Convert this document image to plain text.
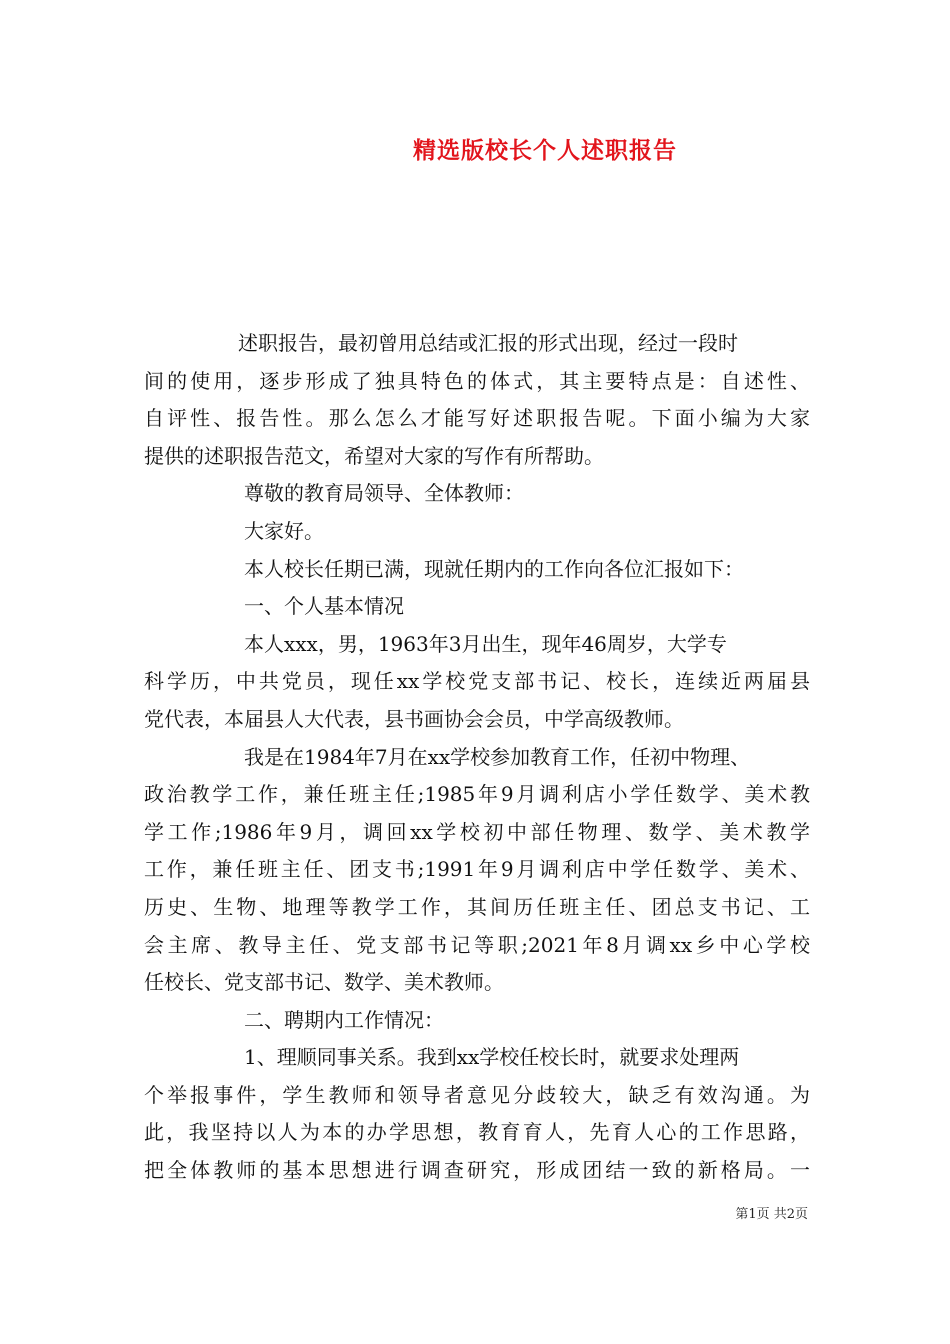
精选版校长个人述职报告
述职报告，最初曾用总结或汇报的形式出现，经过一段时
间的使用，逐步形成了独具特色的体式，其主要特点是：自述性、
自评性、报告性。那么怎么才能写好述职报告呢。下面小编为大家
提供的述职报告范文，希望对大家的写作有所帮助。
尊敬的教育局领导、全体教师：
大家好。
本人校长任期已满，现就任期内的工作向各位汇报如下：
一、个人基本情况
本人xxx，男，1963年3月出生，现年46周岁，大学专
科学历，中共党员，现任xx学校党支部书记、校长，连续近两届县
党代表，本届县人大代表，县书画协会会员，中学高级教师。
我是在1984年7月在xx学校参加教育工作，任初中物理、
政治教学工作，兼任班主任;1985年9月调利店小学任数学、美术教
学工作;1986年9月，调回xx学校初中部任物理、数学、美术教学
工作，兼任班主任、团支书;1991年9月调利店中学任数学、美术、
历史、生物、地理等教学工作，其间历任班主任、团总支书记、工
会主席、教导主任、党支部书记等职;2021年8月调xx乡中心学校
任校长、党支部书记、数学、美术教师。
二、聘期内工作情况：
1、理顺同事关系。我到xx学校任校长时，就要求处理两
个举报事件，学生教师和领导者意见分歧较大，缺乏有效沟通。为
此，我坚持以人为本的办学思想，教育育人，先育人心的工作思路，
把全体教师的基本思想进行调查研究，形成团结一致的新格局。一
第1页 共2页
